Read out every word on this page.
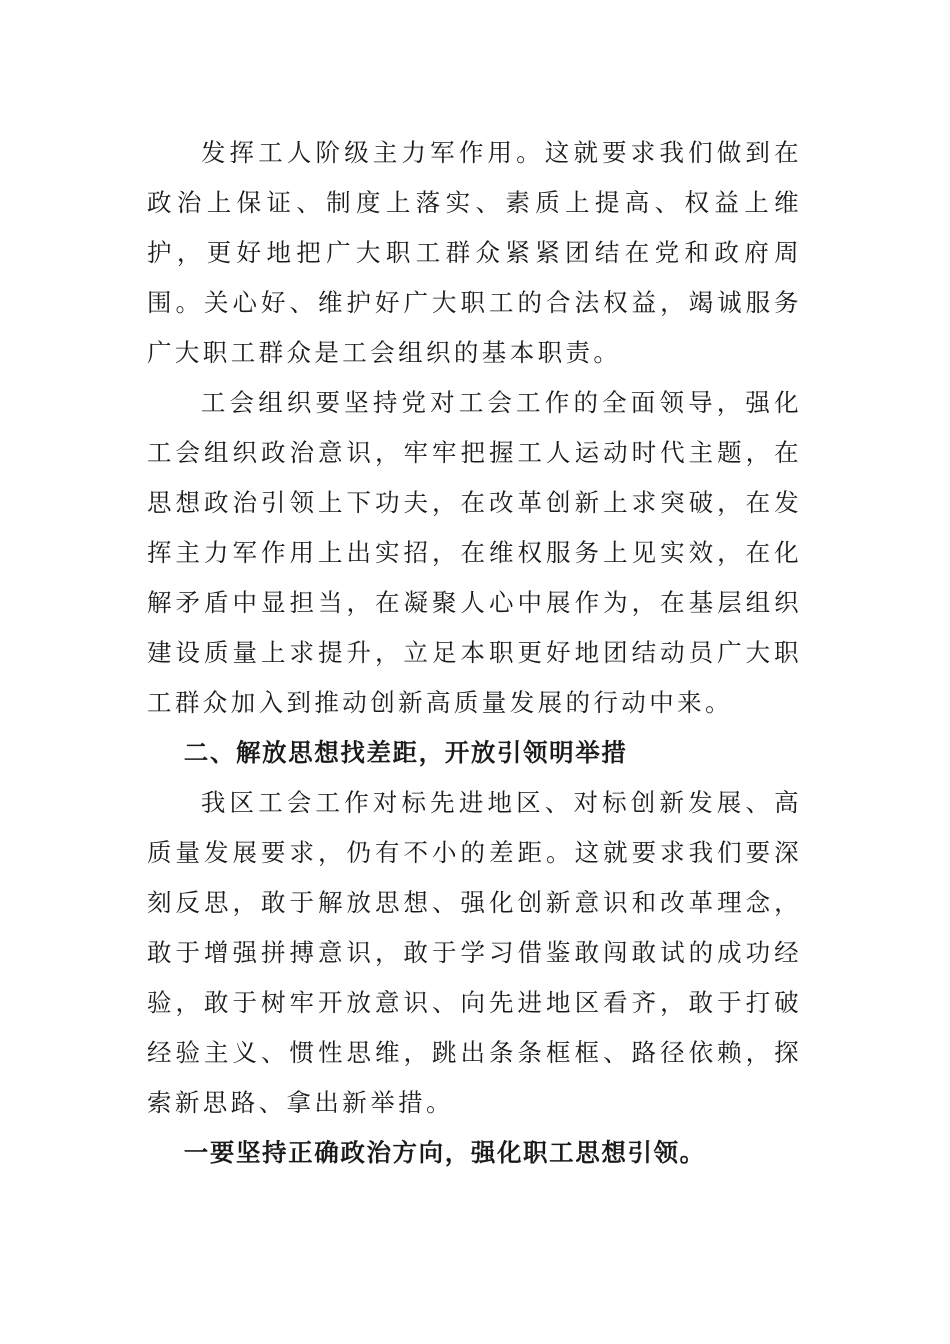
发挥工人阶级主力军作用。这就要求我们做到在政治上保证、制度上落实、素质上提高、权益上维护，更好地把广大职工群众紧紧团结在党和政府周围。关心好、维护好广大职工的合法权益，竭诚服务广大职工群众是工会组织的基本职责。

工会组织要坚持党对工会工作的全面领导，强化工会组织政治意识，牢牢把握工人运动时代主题，在思想政治引领上下功夫，在改革创新上求突破，在发挥主力军作用上出实招，在维权服务上见实效，在化解矛盾中显担当，在凝聚人心中展作为，在基层组织建设质量上求提升，立足本职更好地团结动员广大职工群众加入到推动创新高质量发展的行动中来。

二、解放思想找差距，开放引领明举措

我区工会工作对标先进地区、对标创新发展、高质量发展要求，仍有不小的差距。这就要求我们要深刻反思，敢于解放思想、强化创新意识和改革理念，敢于增强拼搏意识，敢于学习借鉴敢闯敢试的成功经验，敢于树牢开放意识、向先进地区看齐，敢于打破经验主义、惯性思维，跳出条条框框、路径依赖，探索新思路、拿出新举措。

一要坚持正确政治方向，强化职工思想引领。
